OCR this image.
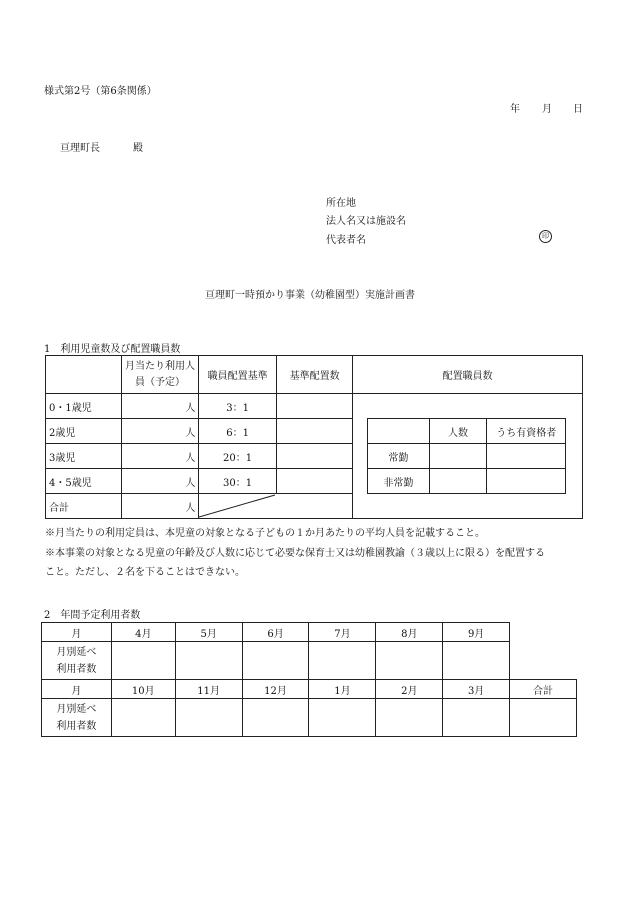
様式第2号（第6条関係）
年 月 日
亘理町長	殿
所在地
法人名又は施設名
代表者名	印
亘理町一時預かり事業（幼稚園型）実施計画書
1　利用児童数及び配置職員数
	月当たり利用人員（予定）	職員配置基準	基準配置数	配置職員数
0・1歳児	人	3：1		
2歳児	人	6：1		
3歳児	人	20：1		
4・5歳児	人	30：1		
合計	人	
	人数	うち有資格者
常勤		
非常勤		
※月当たりの利用定員は、本児童の対象となる子どもの１か月あたりの平均人員を記載すること。
※本事業の対象となる児童の年齢及び人数に応じて必要な保育士又は幼稚園教諭（３歳以上に限る）を配置する
こと。ただし、２名を下ることはできない。
2　年間予定利用者数
月	4月	5月	6月	7月	8月	9月	

月別延べ
利用者数							

月	10月	11月	12月	1月	2月	3月	合計

月別延べ
利用者数							
